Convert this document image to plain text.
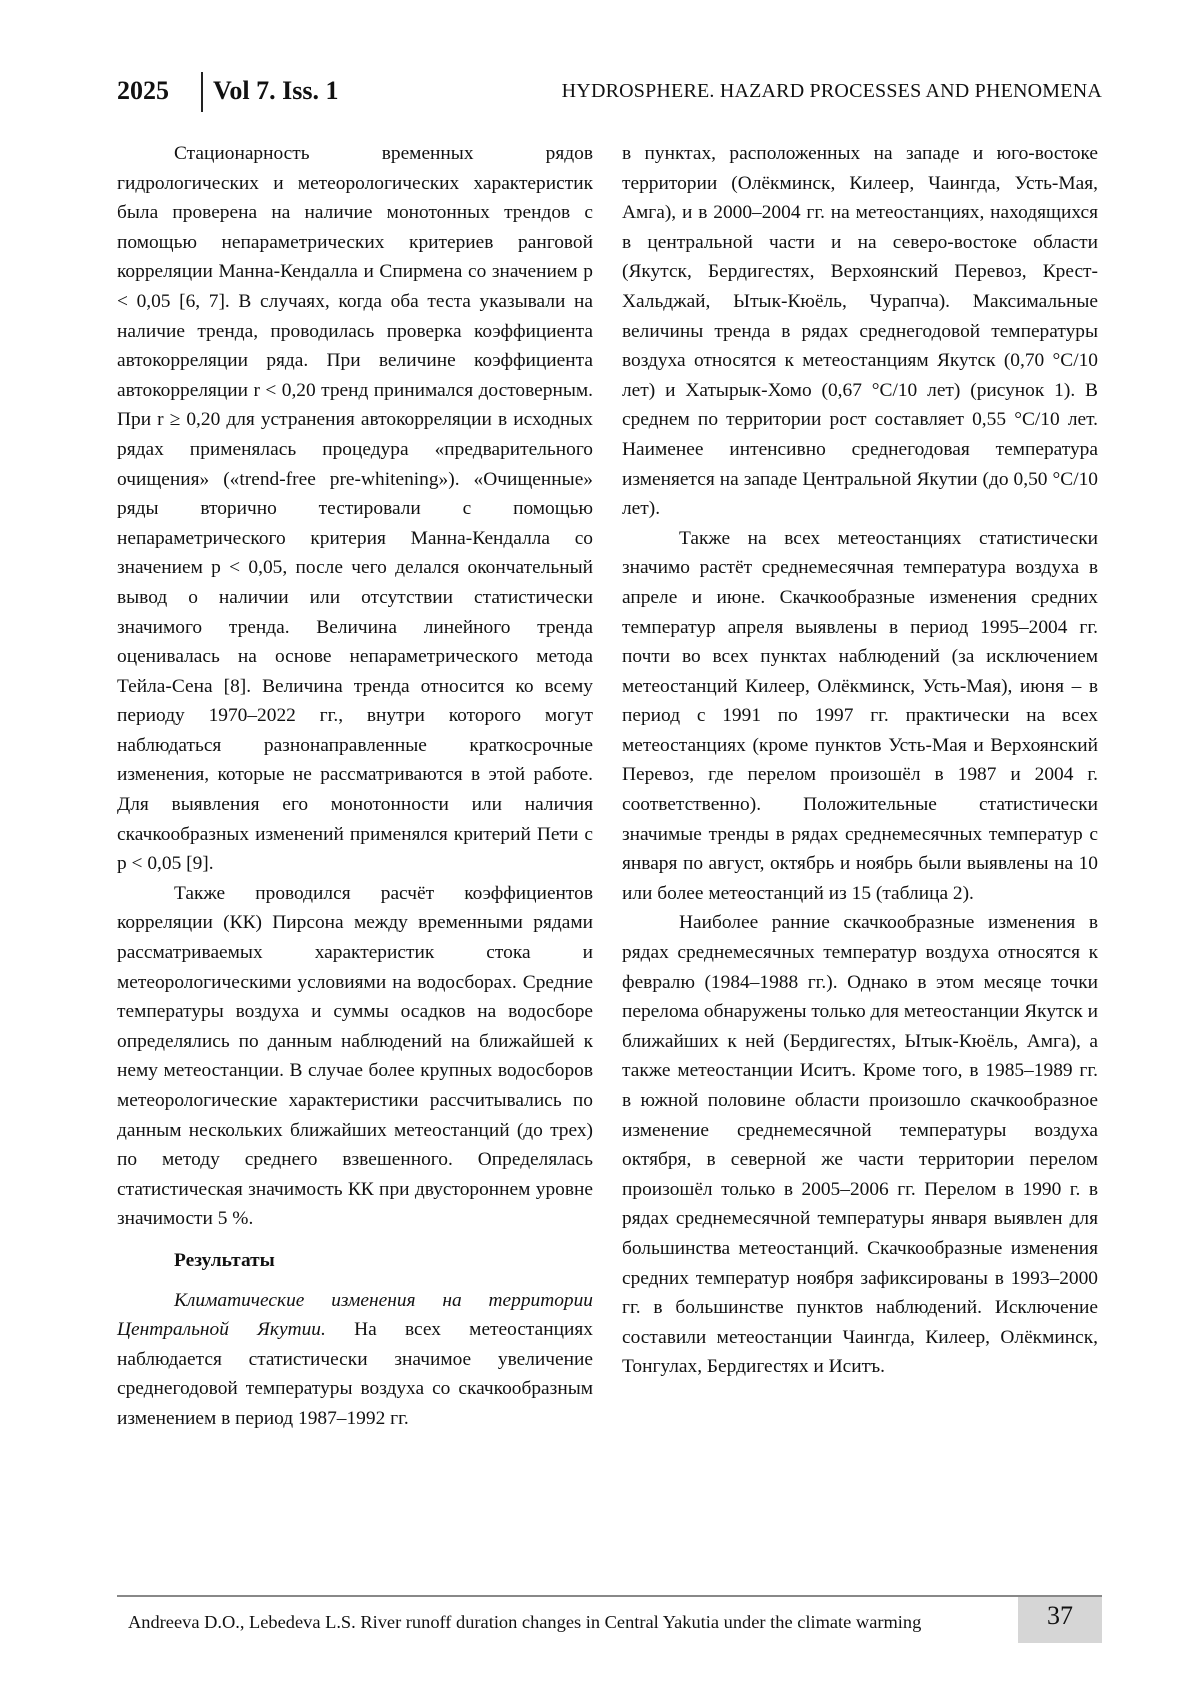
2025 Vol 7. Iss. 1	HYDROSPHERE. HAZARD PROCESSES AND PHENOMENA

Стационарность временных рядов гидрологических и метеорологических характеристик была проверена на наличие монотонных трендов с помощью непараметрических критериев ранговой корреляции Манна-Кендалла и Спирмена со значением p < 0,05 [6, 7]. В случаях, когда оба теста указывали на наличие тренда, проводилась проверка коэффициента автокорреляции ряда. При величине коэффициента автокорреляции r < 0,20 тренд принимался достоверным. При r ≥ 0,20 для устранения автокорреляции в исходных рядах применялась процедура «предварительного очищения» («trend-free pre-whitening»). «Очищенные» ряды вторично тестировали с помощью непараметрического критерия Манна-Кендалла со значением p < 0,05, после чего делался окончательный вывод о наличии или отсутствии статистически значимого тренда. Величина линейного тренда оценивалась на основе непараметрического метода Тейла-Сена [8]. Величина тренда относится ко всему периоду 1970–2022 гг., внутри которого могут наблюдаться разнонаправленные краткосрочные изменения, которые не рассматриваются в этой работе. Для выявления его монотонности или наличия скачкообразных изменений применялся критерий Пети с p < 0,05 [9].

Также проводился расчёт коэффициентов корреляции (КК) Пирсона между временными рядами рассматриваемых характеристик стока и метеорологическими условиями на водосборах. Средние температуры воздуха и суммы осадков на водосборе определялись по данным наблюдений на ближайшей к нему метеостанции. В случае более крупных водосборов метеорологические характеристики рассчитывались по данным нескольких ближайших метеостанций (до трех) по методу среднего взвешенного. Определялась статистическая значимость КК при двустороннем уровне значимости 5 %.

Результаты

Климатические изменения на территории Центральной Якутии. На всех метеостанциях наблюдается статистически значимое увеличение среднегодовой температуры воздуха со скачкообразным изменением в период 1987–1992 гг.

в пунктах, расположенных на западе и юго-востоке территории (Олёкминск, Килеер, Чаингда, Усть-Мая, Амга), и в 2000–2004 гг. на метеостанциях, находящихся в центральной части и на северо-востоке области (Якутск, Бердигестях, Верхоянский Перевоз, Крест-Хальджай, Ытык-Кюёль, Чурапча). Максимальные величины тренда в рядах среднегодовой температуры воздуха относятся к метеостанциям Якутск (0,70 °C/10 лет) и Хатырык-Хомо (0,67 °C/10 лет) (рисунок 1). В среднем по территории рост составляет 0,55 °C/10 лет. Наименее интенсивно среднегодовая температура изменяется на западе Центральной Якутии (до 0,50 °C/10 лет).

Также на всех метеостанциях статистически значимо растёт среднемесячная температура воздуха в апреле и июне. Скачкообразные изменения средних температур апреля выявлены в период 1995–2004 гг. почти во всех пунктах наблюдений (за исключением метеостанций Килеер, Олёкминск, Усть-Мая), июня – в период с 1991 по 1997 гг. практически на всех метеостанциях (кроме пунктов Усть-Мая и Верхоянский Перевоз, где перелом произошёл в 1987 и 2004 г. соответственно). Положительные статистически значимые тренды в рядах среднемесячных температур с января по август, октябрь и ноябрь были выявлены на 10 или более метеостанций из 15 (таблица 2).

Наиболее ранние скачкообразные изменения в рядах среднемесячных температур воздуха относятся к февралю (1984–1988 гг.). Однако в этом месяце точки перелома обнаружены только для метеостанции Якутск и ближайших к ней (Бердигестях, Ытык-Кюёль, Амга), а также метеостанции Иситъ. Кроме того, в 1985–1989 гг. в южной половине области произошло скачкообразное изменение среднемесячной температуры воздуха октября, в северной же части территории перелом произошёл только в 2005–2006 гг. Перелом в 1990 г. в рядах среднемесячной температуры января выявлен для большинства метеостанций. Скачкообразные изменения средних температур ноября зафиксированы в 1993–2000 гг. в большинстве пунктов наблюдений. Исключение составили метеостанции Чаингда, Килеер, Олёкминск, Тонгулах, Бердигестях и Иситъ.

Andreeva D.O., Lebedeva L.S. River runoff duration changes in Central Yakutia under the climate warming	37
